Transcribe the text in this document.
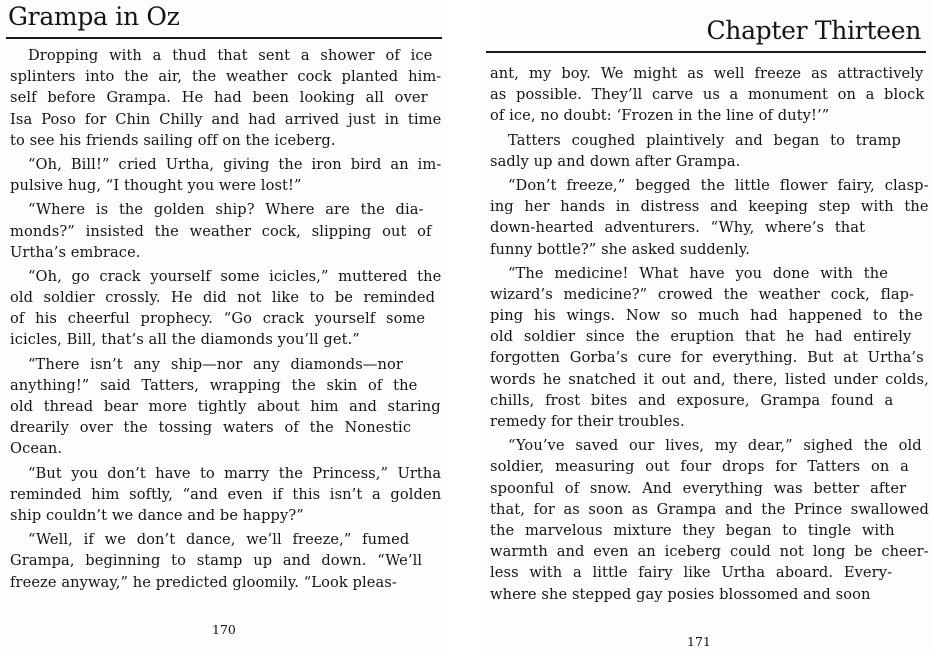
Grampa in Oz
Dropping with a thud that sent a shower of ice
splinters into the air, the weather cock planted him-
self before Grampa. He had been looking all over
Isa Poso for Chin Chilly and had arrived just in time
to see his friends sailing off on the iceberg.
“Oh, Bill!” cried Urtha, giving the iron bird an im-
pulsive hug, “I thought you were lost!”
“Where is the golden ship? Where are the dia-
monds?” insisted the weather cock, slipping out of
Urtha’s embrace.
“Oh, go crack yourself some icicles,” muttered the
old soldier crossly. He did not like to be reminded
of his cheerful prophecy. “Go crack yourself some
icicles, Bill, that’s all the diamonds you’ll get.”
“There isn’t any ship—nor any diamonds—nor
anything!” said Tatters, wrapping the skin of the
old thread bear more tightly about him and staring
drearily over the tossing waters of the Nonestic
Ocean.
“But you don’t have to marry the Princess,” Urtha
reminded him softly, “and even if this isn’t a golden
ship couldn’t we dance and be happy?”
“Well, if we don’t dance, we’ll freeze,” fumed
Grampa, beginning to stamp up and down. “We’ll
freeze anyway,” he predicted gloomily. “Look pleas-
170
Chapter Thirteen
ant, my boy. We might as well freeze as attractively
as possible. They’ll carve us a monument on a block
of ice, no doubt: ‘Frozen in the line of duty!’”
Tatters coughed plaintively and began to tramp
sadly up and down after Grampa.
“Don’t freeze,” begged the little flower fairy, clasp-
ing her hands in distress and keeping step with the
down-hearted adventurers. “Why, where’s that
funny bottle?” she asked suddenly.
“The medicine! What have you done with the
wizard’s medicine?” crowed the weather cock, flap-
ping his wings. Now so much had happened to the
old soldier since the eruption that he had entirely
forgotten Gorba’s cure for everything. But at Urtha’s
words he snatched it out and, there, listed under colds,
chills, frost bites and exposure, Grampa found a
remedy for their troubles.
“You’ve saved our lives, my dear,” sighed the old
soldier, measuring out four drops for Tatters on a
spoonful of snow. And everything was better after
that, for as soon as Grampa and the Prince swallowed
the marvelous mixture they began to tingle with
warmth and even an iceberg could not long be cheer-
less with a little fairy like Urtha aboard. Every-
where she stepped gay posies blossomed and soon
171
